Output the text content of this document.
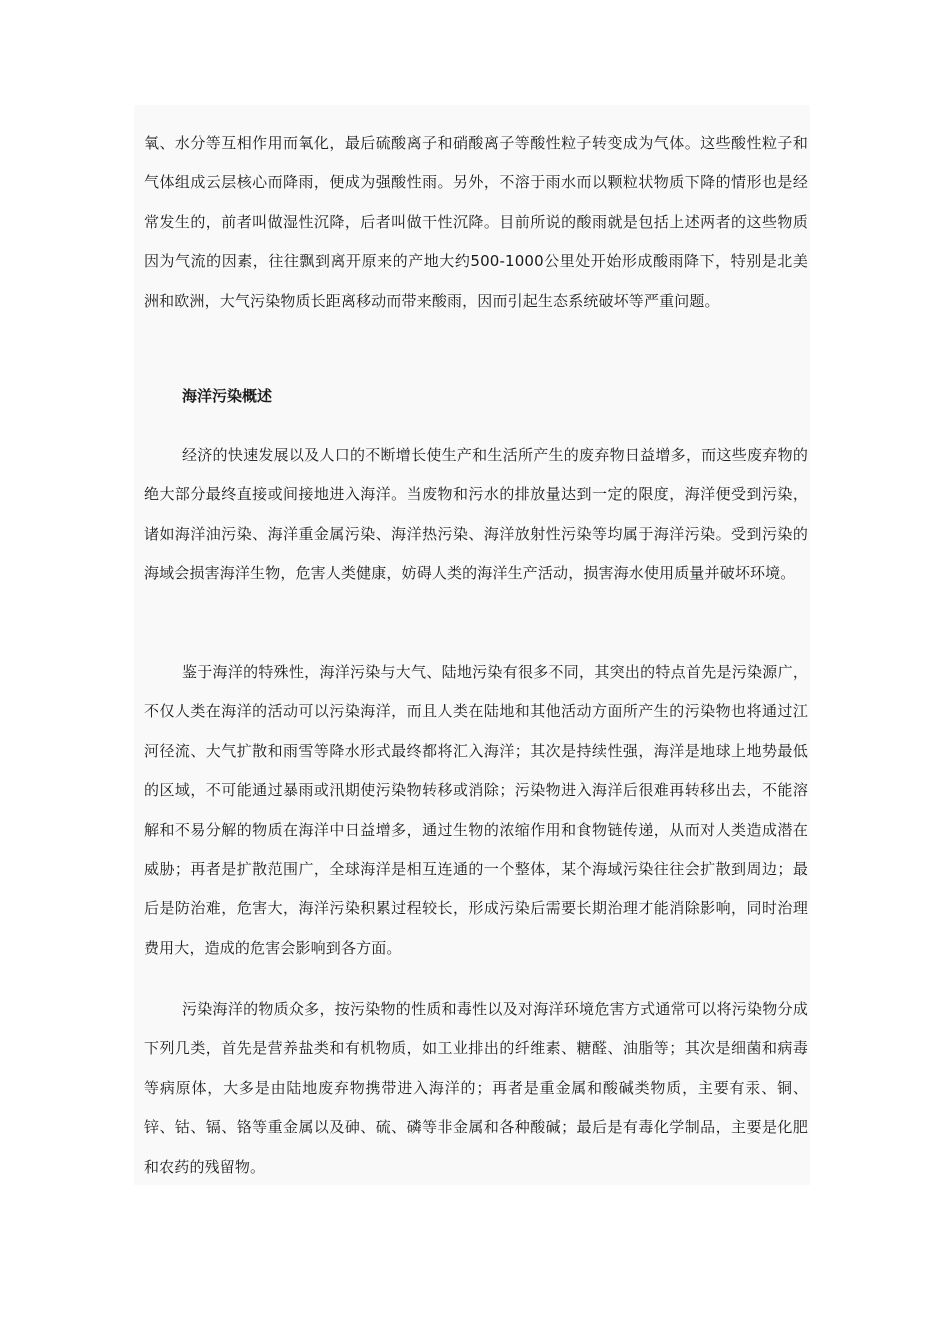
氧、水分等互相作用而氧化，最后硫酸离子和硝酸离子等酸性粒子转变成为气体。这些酸性粒子和气体组成云层核心而降雨，便成为强酸性雨。另外，不溶于雨水而以颗粒状物质下降的情形也是经常发生的，前者叫做湿性沉降，后者叫做干性沉降。目前所说的酸雨就是包括上述两者的这些物质因为气流的因素，往往飘到离开原来的产地大约500-1000公里处开始形成酸雨降下，特别是北美洲和欧洲，大气污染物质长距离移动而带来酸雨，因而引起生态系统破坏等严重问题。

海洋污染概述

经济的快速发展以及人口的不断增长使生产和生活所产生的废弃物日益增多，而这些废弃物的绝大部分最终直接或间接地进入海洋。当废物和污水的排放量达到一定的限度，海洋便受到污染，诸如海洋油污染、海洋重金属污染、海洋热污染、海洋放射性污染等均属于海洋污染。受到污染的海域会损害海洋生物，危害人类健康，妨碍人类的海洋生产活动，损害海水使用质量并破坏环境。

鉴于海洋的特殊性，海洋污染与大气、陆地污染有很多不同，其突出的特点首先是污染源广，不仅人类在海洋的活动可以污染海洋，而且人类在陆地和其他活动方面所产生的污染物也将通过江河径流、大气扩散和雨雪等降水形式最终都将汇入海洋；其次是持续性强，海洋是地球上地势最低的区域，不可能通过暴雨或汛期使污染物转移或消除；污染物进入海洋后很难再转移出去，不能溶解和不易分解的物质在海洋中日益增多，通过生物的浓缩作用和食物链传递，从而对人类造成潜在威胁；再者是扩散范围广，全球海洋是相互连通的一个整体，某个海域污染往往会扩散到周边；最后是防治难，危害大，海洋污染积累过程较长，形成污染后需要长期治理才能消除影响，同时治理费用大，造成的危害会影响到各方面。

污染海洋的物质众多，按污染物的性质和毒性以及对海洋环境危害方式通常可以将污染物分成下列几类，首先是营养盐类和有机物质，如工业排出的纤维素、糖醛、油脂等；其次是细菌和病毒等病原体，大多是由陆地废弃物携带进入海洋的；再者是重金属和酸碱类物质，主要有汞、铜、锌、钴、镉、铬等重金属以及砷、硫、磷等非金属和各种酸碱；最后是有毒化学制品，主要是化肥和农药的残留物。
